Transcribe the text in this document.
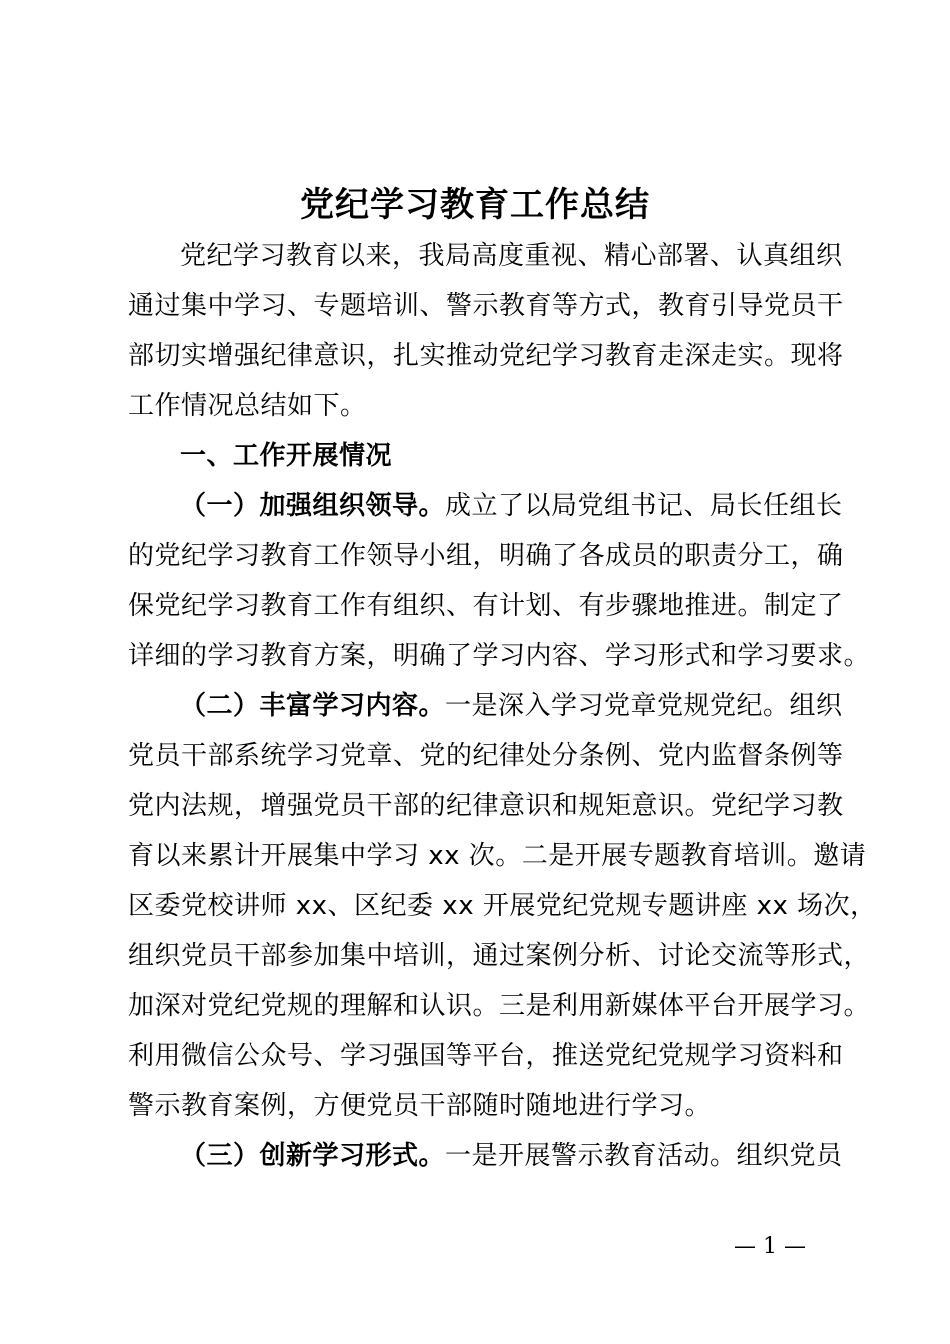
党纪学习教育工作总结
党纪学习教育以来，我局高度重视、精心部署、认真组织
通过集中学习、专题培训、警示教育等方式，教育引导党员干
部切实增强纪律意识，扎实推动党纪学习教育走深走实。现将
工作情况总结如下。
一、工作开展情况
（一）加强组织领导。成立了以局党组书记、局长任组长
的党纪学习教育工作领导小组，明确了各成员的职责分工，确
保党纪学习教育工作有组织、有计划、有步骤地推进。制定了
详细的学习教育方案，明确了学习内容、学习形式和学习要求。
（二）丰富学习内容。一是深入学习党章党规党纪。组织
党员干部系统学习党章、党的纪律处分条例、党内监督条例等
党内法规，增强党员干部的纪律意识和规矩意识。党纪学习教
育以来累计开展集中学习 xx 次。二是开展专题教育培训。邀请
区委党校讲师 xx、区纪委 xx 开展党纪党规专题讲座 xx 场次，
组织党员干部参加集中培训，通过案例分析、讨论交流等形式，
加深对党纪党规的理解和认识。三是利用新媒体平台开展学习。
利用微信公众号、学习强国等平台，推送党纪党规学习资料和
警示教育案例，方便党员干部随时随地进行学习。
（三）创新学习形式。一是开展警示教育活动。组织党员
— 1 —
